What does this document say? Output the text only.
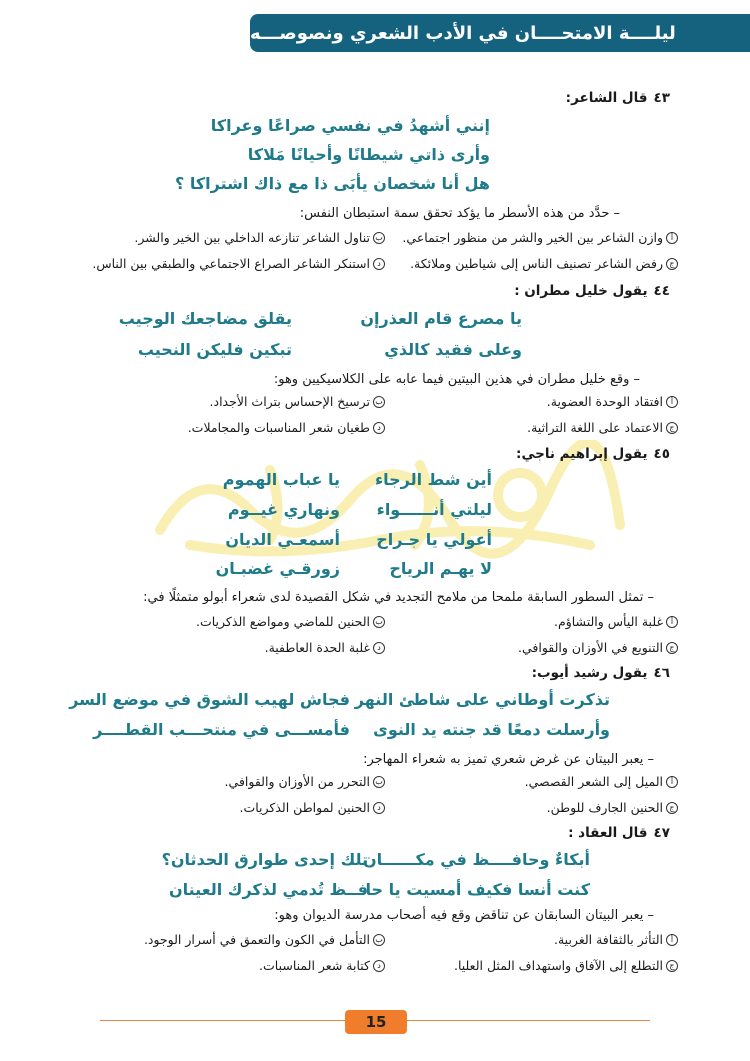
ليلــــة الامتحــــان في الأدب الشعري ونصوصـــه
٤٣
قال الشاعر:
إنني أشهدُ في نفسي صراعًا وعراكا
وأرى ذاتي شيطانًا وأحيانًا مَلاكا
هل أنا شخصان يأبَى ذا مع ذاك اشتراكا ؟
– حدَّد من هذه الأسطر ما يؤكد تحقق سمة استبطان النفس:
أ
وازن الشاعر بين الخير والشر من منظور اجتماعي.
ب
تناول الشاعر تنازعه الداخلي بين الخير والشر.
ج
رفض الشاعر تصنيف الناس إلى شياطين وملائكة.
د
استنكر الشاعر الصراع الاجتماعي والطبقي بين الناس.
٤٤
يقول خليل مطران :
يا مصرع قام العذرإن
يقلق مضاجعك الوجيب
وعلى فقيد كالذي
تبكين فليكن النحيب
– وقع خليل مطران في هذين البيتين فيما عابه على الكلاسيكيين وهو:
أ
افتقاد الوحدة العضوية.
ب
ترسيخ الإحساس بتراث الأجداد.
ج
الاعتماد على اللغة التراثية.
د
طغيان شعر المناسبات والمجاملات.
٤٥
يقول إبراهيم ناجي:
أين شط الرجاء
يا عباب الهموم
ليلتي أنــــــواء
ونهاري غيــوم
أعولي يا جـراح
أسمعـي الديان
لا يهـم الرياح
زورقـي غضبـان
– تمثل السطور السابقة ملمحا من ملامح التجديد في شكل القصيدة لدى شعراء أبولو متمثلًا في:
أ
غلبة اليأس والتشاؤم.
ب
الحنين للماضي ومواضع الذكريات.
ج
التنويع في الأوزان والقوافي.
د
غلبة الحدة العاطفية.
٤٦
يقول رشيد أيوب:
تذكرت أوطاني على شاطئ النهر
فجاش لهيب الشوق في موضع السر
وأرسلت دمعًا قد جنته يد النوى
فأمســـى في منتحـــب القطــــر
– يعبر البيتان عن غرض شعري تميز به شعراء المهاجر:
أ
الميل إلى الشعر القصصي.
ب
التحرر من الأوزان والقوافي.
ج
الحنين الجارف للوطن.
د
الحنين لمواطن الذكريات.
٤٧
قال العقاد :
أبكاءٌ وحافــــظ في مكــــــان
تلك إحدى طوارق الحدثان؟
كنت أنسا فكيف أمسيت يا حا
فــظ تُدمي لذكرك العينان
– يعبر البيتان السابقان عن تناقض وقع فيه أصحاب مدرسة الديوان وهو:
أ
التأثر بالثقافة الغربية.
ب
التأمل في الكون والتعمق في أسرار الوجود.
ج
التطلع إلى الآفاق واستهداف المثل العليا.
د
كتابة شعر المناسبات.
15
